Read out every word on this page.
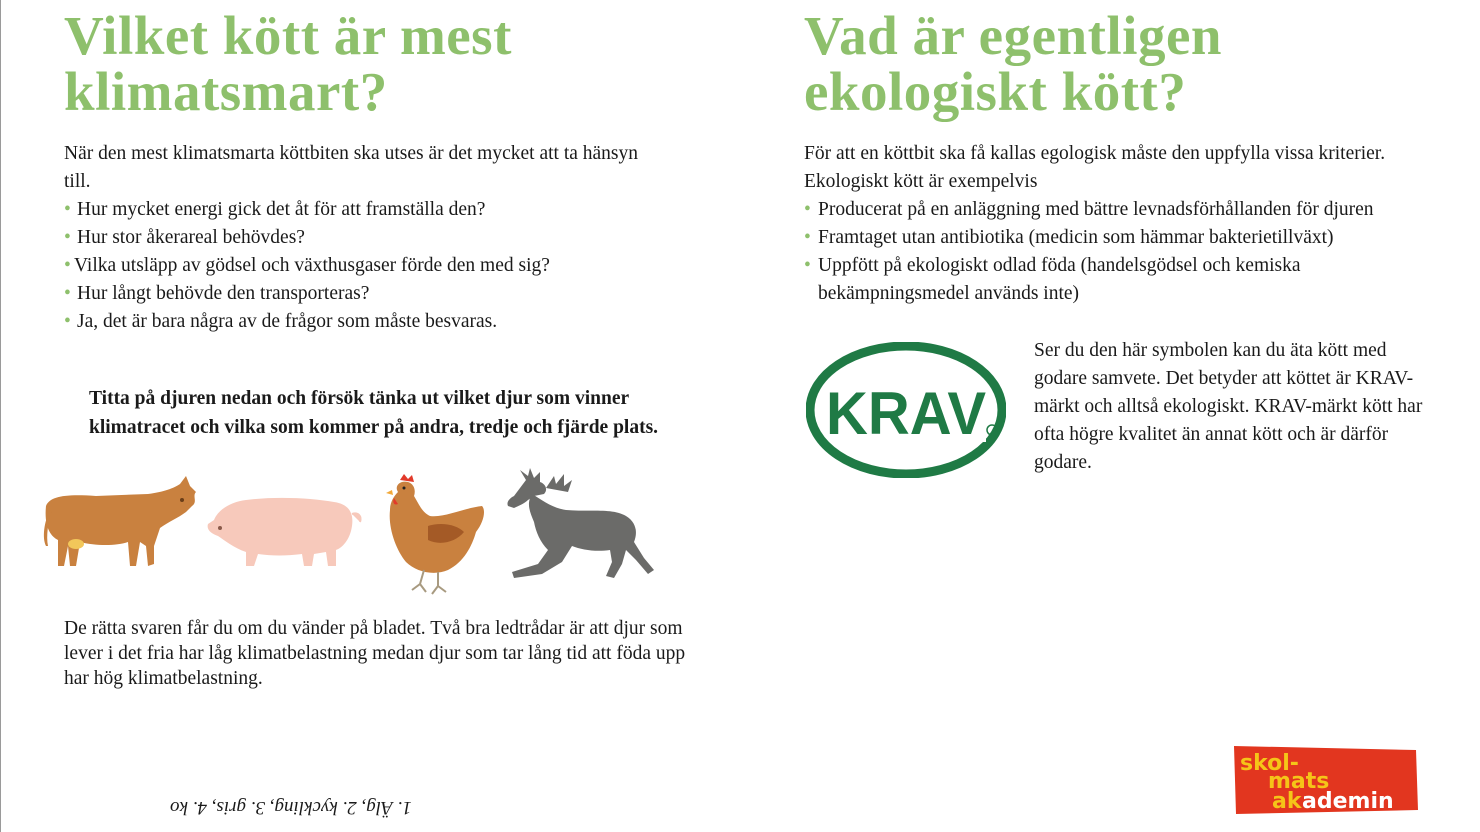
Vilket kött är mest
klimatsmart?

När den mest klimatsmarta köttbiten ska utses är det mycket att ta hänsyn till.

• Hur mycket energi gick det åt för att framställa den?
• Hur stor åkerareal behövdes?
• Vilka utsläpp av gödsel och växthusgaser förde den med sig?
• Hur långt behövde den transporteras?
• Ja, det är bara några av de frågor som måste besvaras.

Titta på djuren nedan och försök tänka ut vilket djur som vinner klimatracet och vilka som kommer på andra, tredje och fjärde plats.

De rätta svaren får du om du vänder på bladet. Två bra ledtrådar är att djur som lever i det fria har låg klimatbelastning medan djur som tar lång tid att föda upp har hög klimatbelastning.

1. Älg, 2. kyckling, 3. gris, 4. ko
Vad är egentligen
ekologiskt kött?

För att en köttbit ska få kallas egologisk måste den uppfylla vissa kriterier. Ekologiskt kött är exempelvis

• Producerat på en anläggning med bättre levnadsförhållanden för djuren
• Framtaget utan antibiotika (medicin som hämmar bakterietillväxt)
• Uppfött på ekologiskt odlad föda (handelsgödsel och kemiska bekämpningsmedel används inte)
KRAV

Ser du den här symbolen kan du äta kött med godare samvete. Det betyder att köttet är KRAV-märkt och alltså ekologiskt. KRAV-märkt kött har ofta högre kvalitet än annat kött och är därför godare.

skol-
mats
ak ademin
